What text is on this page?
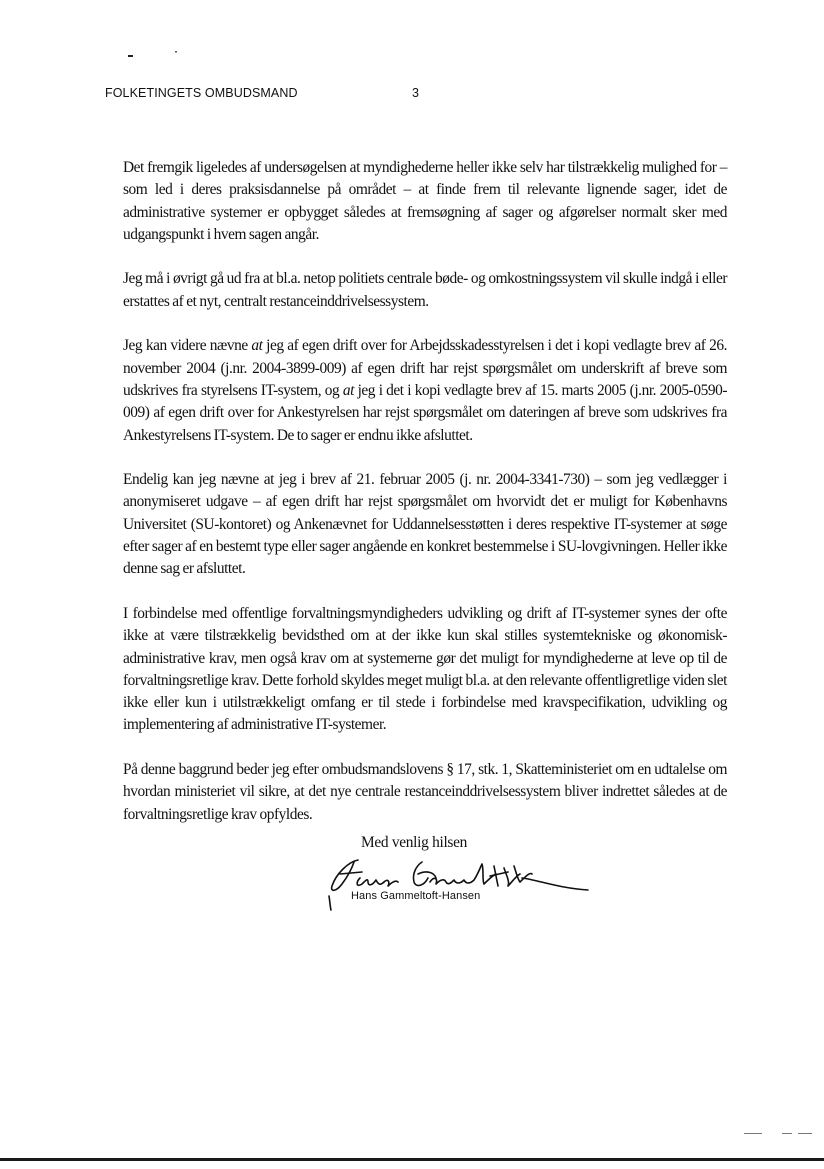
FOLKETINGETS OMBUDSMAND	3

Det fremgik ligeledes af undersøgelsen at myndighederne heller ikke selv har tilstrækkelig mulighed for – som led i deres praksisdannelse på området – at finde frem til relevante lignende sager, idet de administrative systemer er opbygget således at fremsøgning af sager og afgørelser normalt sker med udgangspunkt i hvem sagen angår.

Jeg må i øvrigt gå ud fra at bl.a. netop politiets centrale bøde- og omkostningssystem vil skulle indgå i eller erstattes af et nyt, centralt restanceinddrivelsessystem.

Jeg kan videre nævne at jeg af egen drift over for Arbejdsskadesstyrelsen i det i kopi vedlagte brev af 26. november 2004 (j.nr. 2004-3899-009) af egen drift har rejst spørgsmålet om underskrift af breve som udskrives fra styrelsens IT-system, og at jeg i det i kopi vedlagte brev af 15. marts 2005 (j.nr. 2005-0590-009) af egen drift over for Ankestyrelsen har rejst spørgsmålet om dateringen af breve som udskrives fra Ankestyrelsens IT-system. De to sager er endnu ikke afsluttet.

Endelig kan jeg nævne at jeg i brev af 21. februar 2005 (j. nr. 2004-3341-730) – som jeg vedlægger i anonymiseret udgave – af egen drift har rejst spørgsmålet om hvorvidt det er muligt for Københavns Universitet (SU-kontoret) og Ankenævnet for Uddannelsesstøtten i deres respektive IT-systemer at søge efter sager af en bestemt type eller sager angående en konkret bestemmelse i SU-lovgivningen. Heller ikke denne sag er afsluttet.

I forbindelse med offentlige forvaltningsmyndigheders udvikling og drift af IT-systemer synes der ofte ikke at være tilstrækkelig bevidsthed om at der ikke kun skal stilles systemtekniske og økonomisk-administrative krav, men også krav om at systemerne gør det muligt for myndighederne at leve op til de forvaltningsretlige krav. Dette forhold skyldes meget muligt bl.a. at den relevante offentligretlige viden slet ikke eller kun i utilstrækkeligt omfang er til stede i forbindelse med kravspecifikation, udvikling og implementering af administrative IT-systemer.

På denne baggrund beder jeg efter ombudsmandslovens § 17, stk. 1, Skatteministeriet om en udtalelse om hvordan ministeriet vil sikre, at det nye centrale restanceinddrivelsessystem bliver indrettet således at de forvaltningsretlige krav opfyldes.

Med venlig hilsen
Hans Gammeltoft-Hansen
